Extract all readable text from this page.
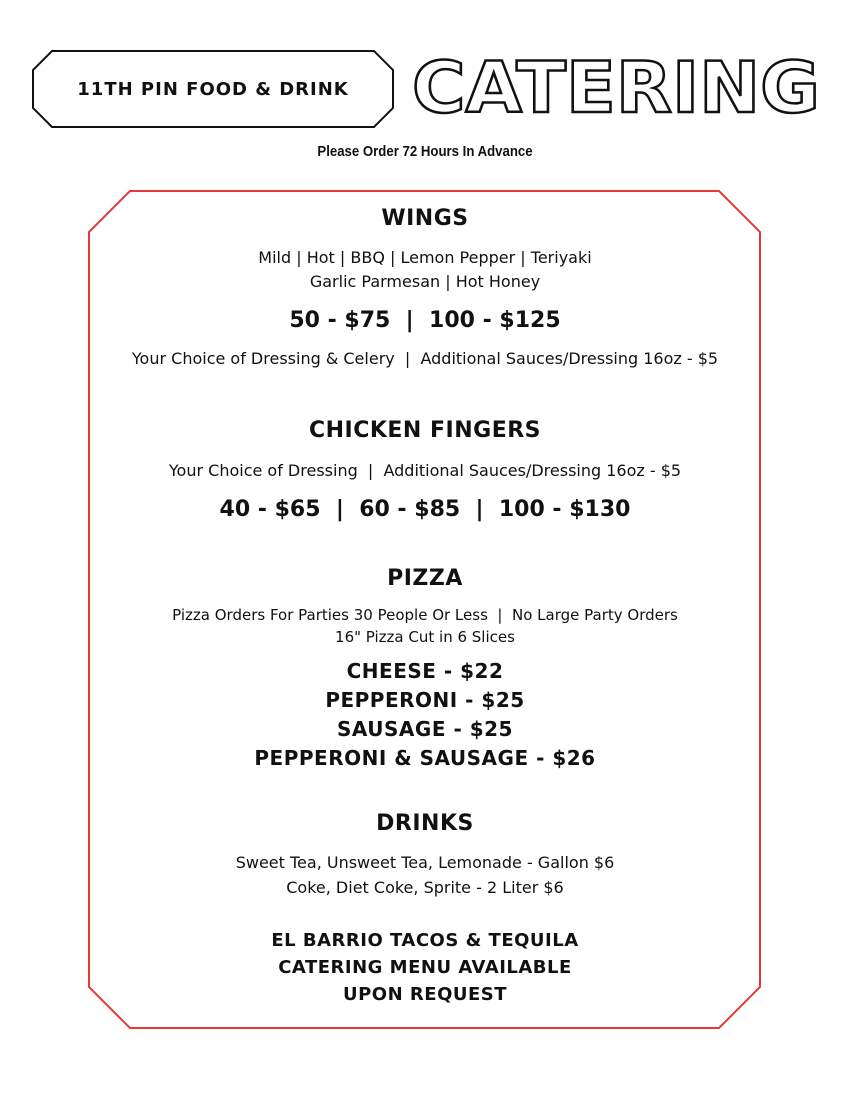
11TH PIN FOOD & DRINK CATERING
Please Order 72 Hours In Advance
WINGS
Mild | Hot | BBQ | Lemon Pepper | Teriyaki
Garlic Parmesan | Hot Honey
50 - $75  |  100 - $125
Your Choice of Dressing & Celery  |  Additional Sauces/Dressing 16oz - $5
CHICKEN FINGERS
Your Choice of Dressing  |  Additional Sauces/Dressing 16oz - $5
40 - $65  |  60 - $85  |  100 - $130
PIZZA
Pizza Orders For Parties 30 People Or Less  |  No Large Party Orders
16" Pizza Cut in 6 Slices
CHEESE - $22
PEPPERONI - $25
SAUSAGE - $25
PEPPERONI & SAUSAGE - $26
DRINKS
Sweet Tea, Unsweet Tea, Lemonade - Gallon $6
Coke, Diet Coke, Sprite - 2 Liter $6
EL BARRIO TACOS & TEQUILA
CATERING MENU AVAILABLE
UPON REQUEST
